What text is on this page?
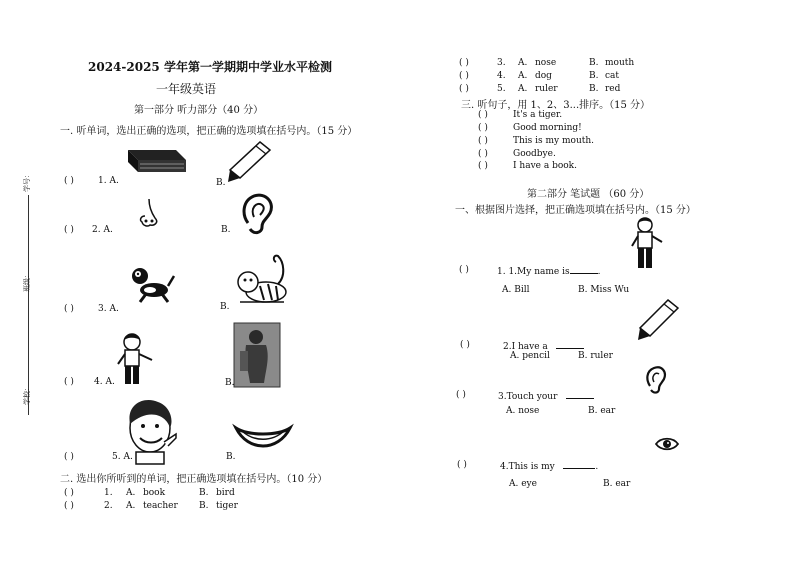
学号：
班级：
学校：
2024-2025 学年第一学期期中学业水平检测
一年级英语
第一部分 听力部分（40 分）
一. 听单词，选出正确的选项，把正确的选项填在括号内。（15 分）
( )	1. A.	B.
( ) 2. A.	B.
( )	3. A.	B.
( ) 4. A.	B.
( )	5. A.	B.
二. 选出你所听到的单词，把正确选项填在括号内。（10 分）
( )	1. A. book	B. bird
( )	2. A. teacher B. tiger
( )	3. A. nose	B. mouth
( )	4. A. dog	B. cat
( )	5. A. ruler	B. red
三. 听句子，用 1、2、3...排序。（15 分）
( )	It's a tiger.
( )	Good morning!
( )	This is my mouth.
( )	Goodbye.
( )	I have a book.
第二部分 笔试题 （60 分）
一、根据图片选择，把正确选项填在括号内。（15 分）
( )	1. 1.My name is	.
A. Bill	B. Miss Wu
( )	2.I have a
A. pencil	B. ruler
( )	3.Touch your
A. nose	B. ear
( )	4.This is my	.
A. eye	B. ear
